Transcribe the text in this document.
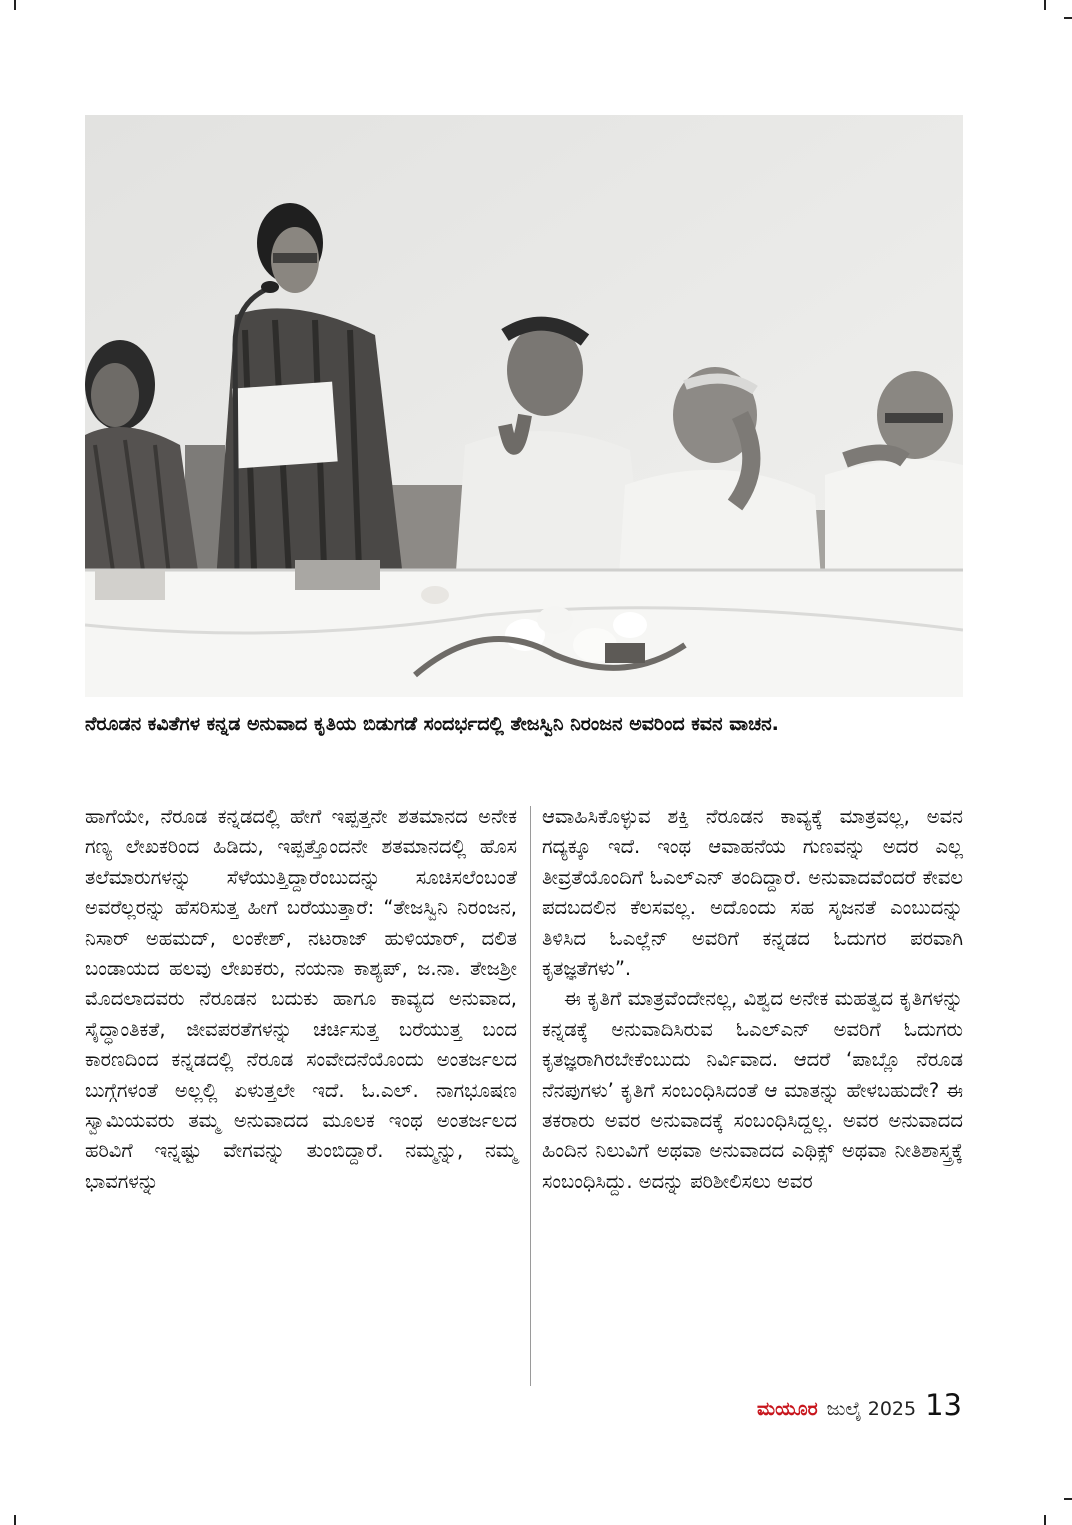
ನೆರೂಡನ ಕವಿತೆಗಳ ಕನ್ನಡ ಅನುವಾದ ಕೃತಿಯ ಬಿಡುಗಡೆ ಸಂದರ್ಭದಲ್ಲಿ ತೇಜಸ್ವಿನಿ ನಿರಂಜನ ಅವರಿಂದ ಕವನ ವಾಚನ.

ಹಾಗೆಯೇ, ನೆರೂಡ ಕನ್ನಡದಲ್ಲಿ ಹೇಗೆ ಇಪ್ಪತ್ತನೇ ಶತಮಾನದ ಅನೇಕ ಗಣ್ಯ ಲೇಖಕರಿಂದ ಹಿಡಿದು, ಇಪ್ಪತ್ತೊಂದನೇ ಶತಮಾನದಲ್ಲಿ ಹೊಸ ತಲೆಮಾರುಗಳನ್ನು ಸೆಳೆಯುತ್ತಿದ್ದಾರೆಂಬುದನ್ನು ಸೂಚಿಸಲೆಂಬಂತೆ ಅವರೆಲ್ಲರನ್ನು ಹೆಸರಿಸುತ್ತ ಹೀಗೆ ಬರೆಯುತ್ತಾರೆ: “ತೇಜಸ್ವಿನಿ ನಿರಂಜನ, ನಿಸಾರ್ ಅಹಮದ್, ಲಂಕೇಶ್, ನಟರಾಜ್ ಹುಳಿಯಾರ್, ದಲಿತ ಬಂಡಾಯದ ಹಲವು ಲೇಖಕರು, ನಯನಾ ಕಾಶ್ಯಪ್, ಜ.ನಾ. ತೇಜಶ್ರೀ ಮೊದಲಾದವರು ನೆರೂಡನ ಬದುಕು ಹಾಗೂ ಕಾವ್ಯದ ಅನುವಾದ, ಸೈದ್ಧಾಂತಿಕತೆ, ಜೀವಪರತೆಗಳನ್ನು ಚರ್ಚಿಸುತ್ತ ಬರೆಯುತ್ತ ಬಂದ ಕಾರಣದಿಂದ ಕನ್ನಡದಲ್ಲಿ ನೆರೂಡ ಸಂವೇದನೆಯೊಂದು ಅಂತರ್ಜಲದ ಬುಗ್ಗೆಗಳಂತೆ ಅಲ್ಲಲ್ಲಿ ಏಳುತ್ತಲೇ ಇದೆ. ಓ.ಎಲ್. ನಾಗಭೂಷಣ ಸ್ವಾಮಿಯವರು ತಮ್ಮ ಅನುವಾದದ ಮೂಲಕ ಇಂಥ ಅಂತರ್ಜಲದ ಹರಿವಿಗೆ ಇನ್ನಷ್ಟು ವೇಗವನ್ನು ತುಂಬಿದ್ದಾರೆ. ನಮ್ಮನ್ನು, ನಮ್ಮ ಭಾವಗಳನ್ನು

ಆವಾಹಿಸಿಕೊಳ್ಳುವ ಶಕ್ತಿ ನೆರೂಡನ ಕಾವ್ಯಕ್ಕೆ ಮಾತ್ರವಲ್ಲ, ಅವನ ಗದ್ಯಕ್ಕೂ ಇದೆ. ಇಂಥ ಆವಾಹನೆಯ ಗುಣವನ್ನು ಅದರ ಎಲ್ಲ ತೀವ್ರತೆಯೊಂದಿಗೆ ಓಎಲ್‌ಎನ್ ತಂದಿದ್ದಾರೆ. ಅನುವಾದವೆಂದರೆ ಕೇವಲ ಪದಬದಲಿನ ಕೆಲಸವಲ್ಲ. ಅದೊಂದು ಸಹ ಸೃಜನತೆ ಎಂಬುದನ್ನು ತಿಳಿಸಿದ ಓಎಲ್ಲೆನ್ ಅವರಿಗೆ ಕನ್ನಡದ ಓದುಗರ ಪರವಾಗಿ ಕೃತಜ್ಞತೆಗಳು”.

ಈ ಕೃತಿಗೆ ಮಾತ್ರವೆಂದೇನಲ್ಲ, ವಿಶ್ವದ ಅನೇಕ ಮಹತ್ವದ ಕೃತಿಗಳನ್ನು ಕನ್ನಡಕ್ಕೆ ಅನುವಾದಿಸಿರುವ ಓಎಲ್‌ಎನ್ ಅವರಿಗೆ ಓದುಗರು ಕೃತಜ್ಞರಾಗಿರಬೇಕೆಂಬುದು ನಿರ್ವಿವಾದ. ಆದರೆ ‘ಪಾಬ್ಲೊ ನೆರೂಡ ನೆನಪುಗಳು’ ಕೃತಿಗೆ ಸಂಬಂಧಿಸಿದಂತೆ ಆ ಮಾತನ್ನು ಹೇಳಬಹುದೇ? ಈ ತಕರಾರು ಅವರ ಅನುವಾದಕ್ಕೆ ಸಂಬಂಧಿಸಿದ್ದಲ್ಲ. ಅವರ ಅನುವಾದದ ಹಿಂದಿನ ನಿಲುವಿಗೆ ಅಥವಾ ಅನುವಾದದ ಎಥಿಕ್ಸ್ ಅಥವಾ ನೀತಿಶಾಸ್ತ್ರಕ್ಕೆ ಸಂಬಂಧಿಸಿದ್ದು. ಅದನ್ನು ಪರಿಶೀಲಿಸಲು ಅವರ

ಮಯೂರ ಜುಲೈ 2025 13
